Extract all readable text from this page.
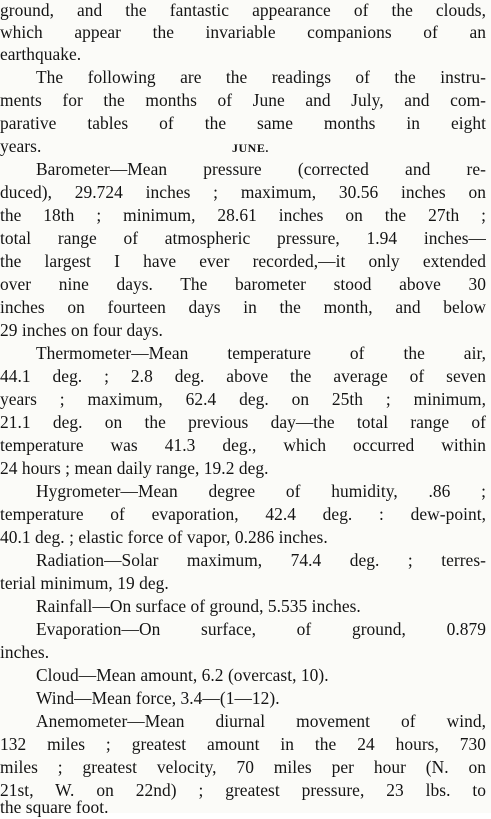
ground, and the fantastic appearance of the clouds,
which appear the invariable companions of an
earthquake.
The following are the readings of the instru-
ments for the months of June and July, and com-
parative tables of the same months in eight
years.	JUNE.
Barometer—Mean pressure (corrected and re-
duced), 29.724 inches ; maximum, 30.56 inches on
the 18th ; minimum, 28.61 inches on the 27th ;
total range of atmospheric pressure, 1.94 inches—
the largest I have ever recorded,—it only extended
over nine days. The barometer stood above 30
inches on fourteen days in the month, and below
29 inches on four days.
Thermometer—Mean temperature of the air,
44.1 deg. ; 2.8 deg. above the average of seven
years ; maximum, 62.4 deg. on 25th ; minimum,
21.1 deg. on the previous day—the total range of
temperature was 41.3 deg., which occurred within
24 hours ; mean daily range, 19.2 deg.
Hygrometer—Mean degree of humidity, .86 ;
temperature of evaporation, 42.4 deg. : dew-point,
40.1 deg. ; elastic force of vapor, 0.286 inches.
Radiation—Solar maximum, 74.4 deg. ; terres-
terial minimum, 19 deg.
Rainfall—On surface of ground, 5.535 inches.
Evaporation—On surface, of ground, 0.879
inches.
Cloud—Mean amount, 6.2 (overcast, 10).
Wind—Mean force, 3.4—(1—12).
Anemometer—Mean diurnal movement of wind,
132 miles ; greatest amount in the 24 hours, 730
miles ; greatest velocity, 70 miles per hour (N. on
21st, W. on 22nd) ; greatest pressure, 23 lbs. to
the square foot.
